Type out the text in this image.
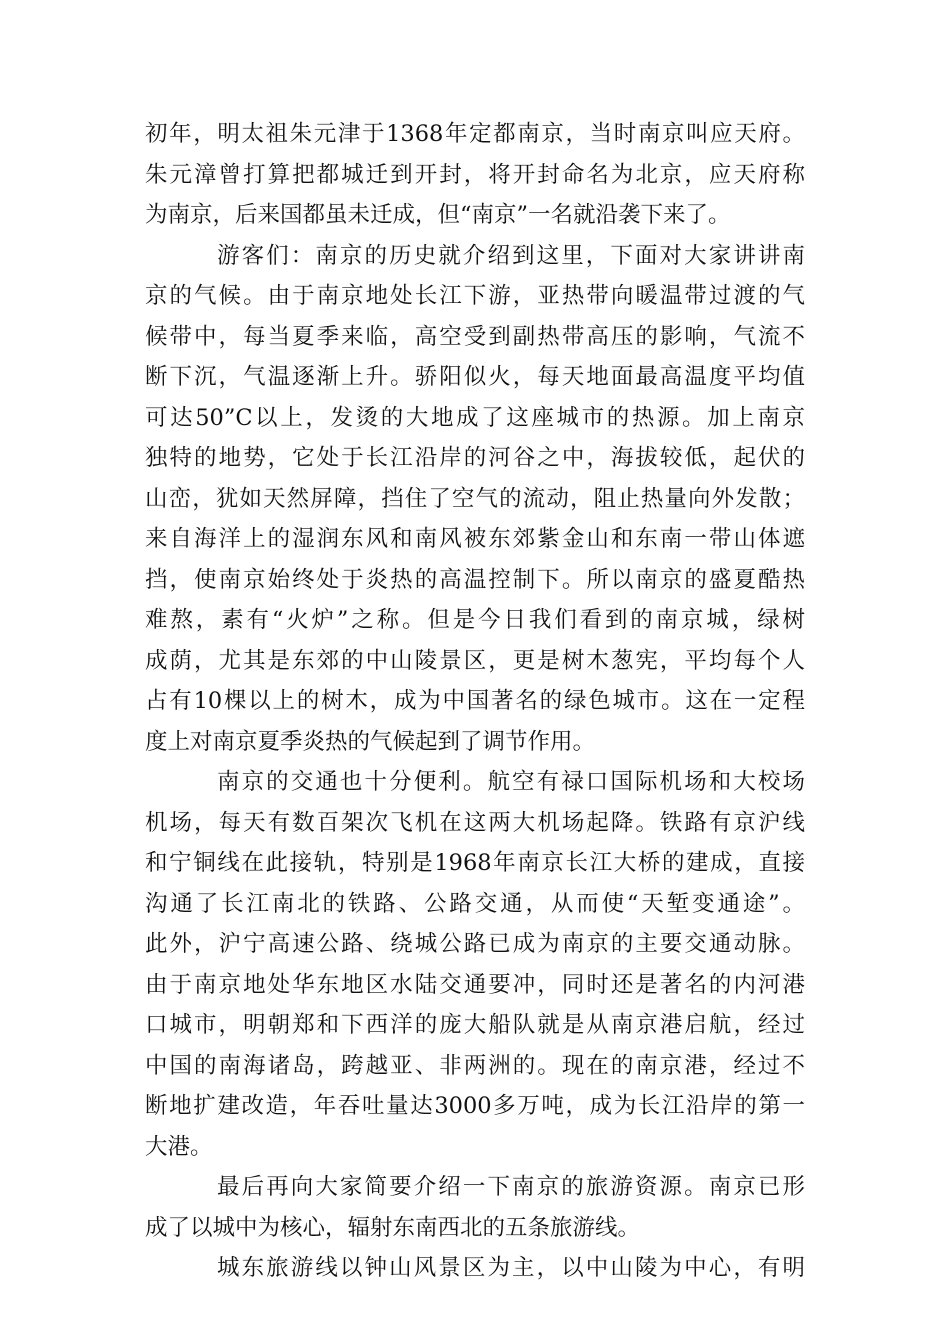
初年，明太祖朱元津于1368年定都南京，当时南京叫应天府。
朱元漳曾打算把都城迁到开封，将开封命名为北京，应天府称
为南京，后来国都虽未迁成，但“南京”一名就沿袭下来了。
游客们：南京的历史就介绍到这里，下面对大家讲讲南
京的气候。由于南京地处长江下游，亚热带向暖温带过渡的气
候带中，每当夏季来临，高空受到副热带高压的影响，气流不
断下沉，气温逐渐上升。骄阳似火，每天地面最高温度平均值
可达50”C以上，发烫的大地成了这座城市的热源。加上南京
独特的地势，它处于长江沿岸的河谷之中，海拔较低，起伏的
山峦，犹如天然屏障，挡住了空气的流动，阻止热量向外发散；
来自海洋上的湿润东风和南风被东郊紫金山和东南一带山体遮
挡，使南京始终处于炎热的高温控制下。所以南京的盛夏酷热
难熬，素有“火炉”之称。但是今日我们看到的南京城，绿树
成荫，尤其是东郊的中山陵景区，更是树木葱宪，平均每个人
占有10棵以上的树木，成为中国著名的绿色城市。这在一定程
度上对南京夏季炎热的气候起到了调节作用。
南京的交通也十分便利。航空有禄口国际机场和大校场
机场，每天有数百架次飞机在这两大机场起降。铁路有京沪线
和宁铜线在此接轨，特别是1968年南京长江大桥的建成，直接
沟通了长江南北的铁路、公路交通，从而使“天堑变通途”。
此外，沪宁高速公路、绕城公路已成为南京的主要交通动脉。
由于南京地处华东地区水陆交通要冲，同时还是著名的内河港
口城市，明朝郑和下西洋的庞大船队就是从南京港启航，经过
中国的南海诸岛，跨越亚、非两洲的。现在的南京港，经过不
断地扩建改造，年吞吐量达3000多万吨，成为长江沿岸的第一
大港。
最后再向大家简要介绍一下南京的旅游资源。南京已形
成了以城中为核心，辐射东南西北的五条旅游线。
城东旅游线以钟山风景区为主，以中山陵为中心，有明
